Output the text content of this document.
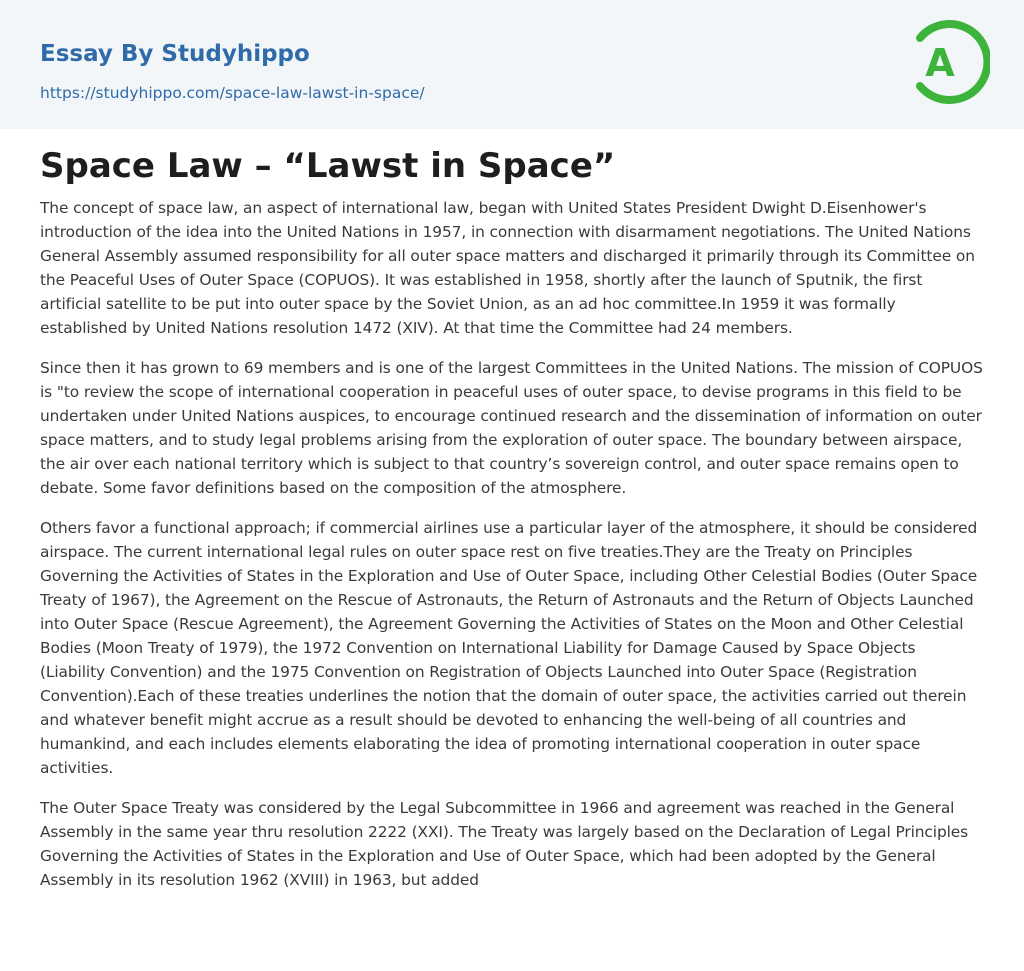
Essay By Studyhippo
https://studyhippo.com/space-law-lawst-in-space/
A
Space Law – “Lawst in Space”

The concept of space law, an aspect of international law, began with United States President Dwight D.Eisenhower's introduction of the idea into the United Nations in 1957, in connection with disarmament negotiations. The United Nations General Assembly assumed responsibility for all outer space matters and discharged it primarily through its Committee on the Peaceful Uses of Outer Space (COPUOS). It was established in 1958, shortly after the launch of Sputnik, the first artificial satellite to be put into outer space by the Soviet Union, as an ad hoc committee.In 1959 it was formally established by United Nations resolution 1472 (XIV). At that time the Committee had 24 members.

Since then it has grown to 69 members and is one of the largest Committees in the United Nations. The mission of COPUOS is "to review the scope of international cooperation in peaceful uses of outer space, to devise programs in this field to be undertaken under United Nations auspices, to encourage continued research and the dissemination of information on outer space matters, and to study legal problems arising from the exploration of outer space. The boundary between airspace, the air over each national territory which is subject to that country’s sovereign control, and outer space remains open to debate. Some favor definitions based on the composition of the atmosphere.

Others favor a functional approach; if commercial airlines use a particular layer of the atmosphere, it should be considered airspace. The current international legal rules on outer space rest on five treaties.They are the Treaty on Principles Governing the Activities of States in the Exploration and Use of Outer Space, including Other Celestial Bodies (Outer Space Treaty of 1967), the Agreement on the Rescue of Astronauts, the Return of Astronauts and the Return of Objects Launched into Outer Space (Rescue Agreement), the Agreement Governing the Activities of States on the Moon and Other Celestial Bodies (Moon Treaty of 1979), the 1972 Convention on International Liability for Damage Caused by Space Objects (Liability Convention) and the 1975 Convention on Registration of Objects Launched into Outer Space (Registration Convention).Each of these treaties underlines the notion that the domain of outer space, the activities carried out therein and whatever benefit might accrue as a result should be devoted to enhancing the well-being of all countries and humankind, and each includes elements elaborating the idea of promoting international cooperation in outer space activities.

The Outer Space Treaty was considered by the Legal Subcommittee in 1966 and agreement was reached in the General Assembly in the same year thru resolution 2222 (XXI). The Treaty was largely based on the Declaration of Legal Principles Governing the Activities of States in the Exploration and Use of Outer Space, which had been adopted by the General Assembly in its resolution 1962 (XVIII) in 1963, but added
